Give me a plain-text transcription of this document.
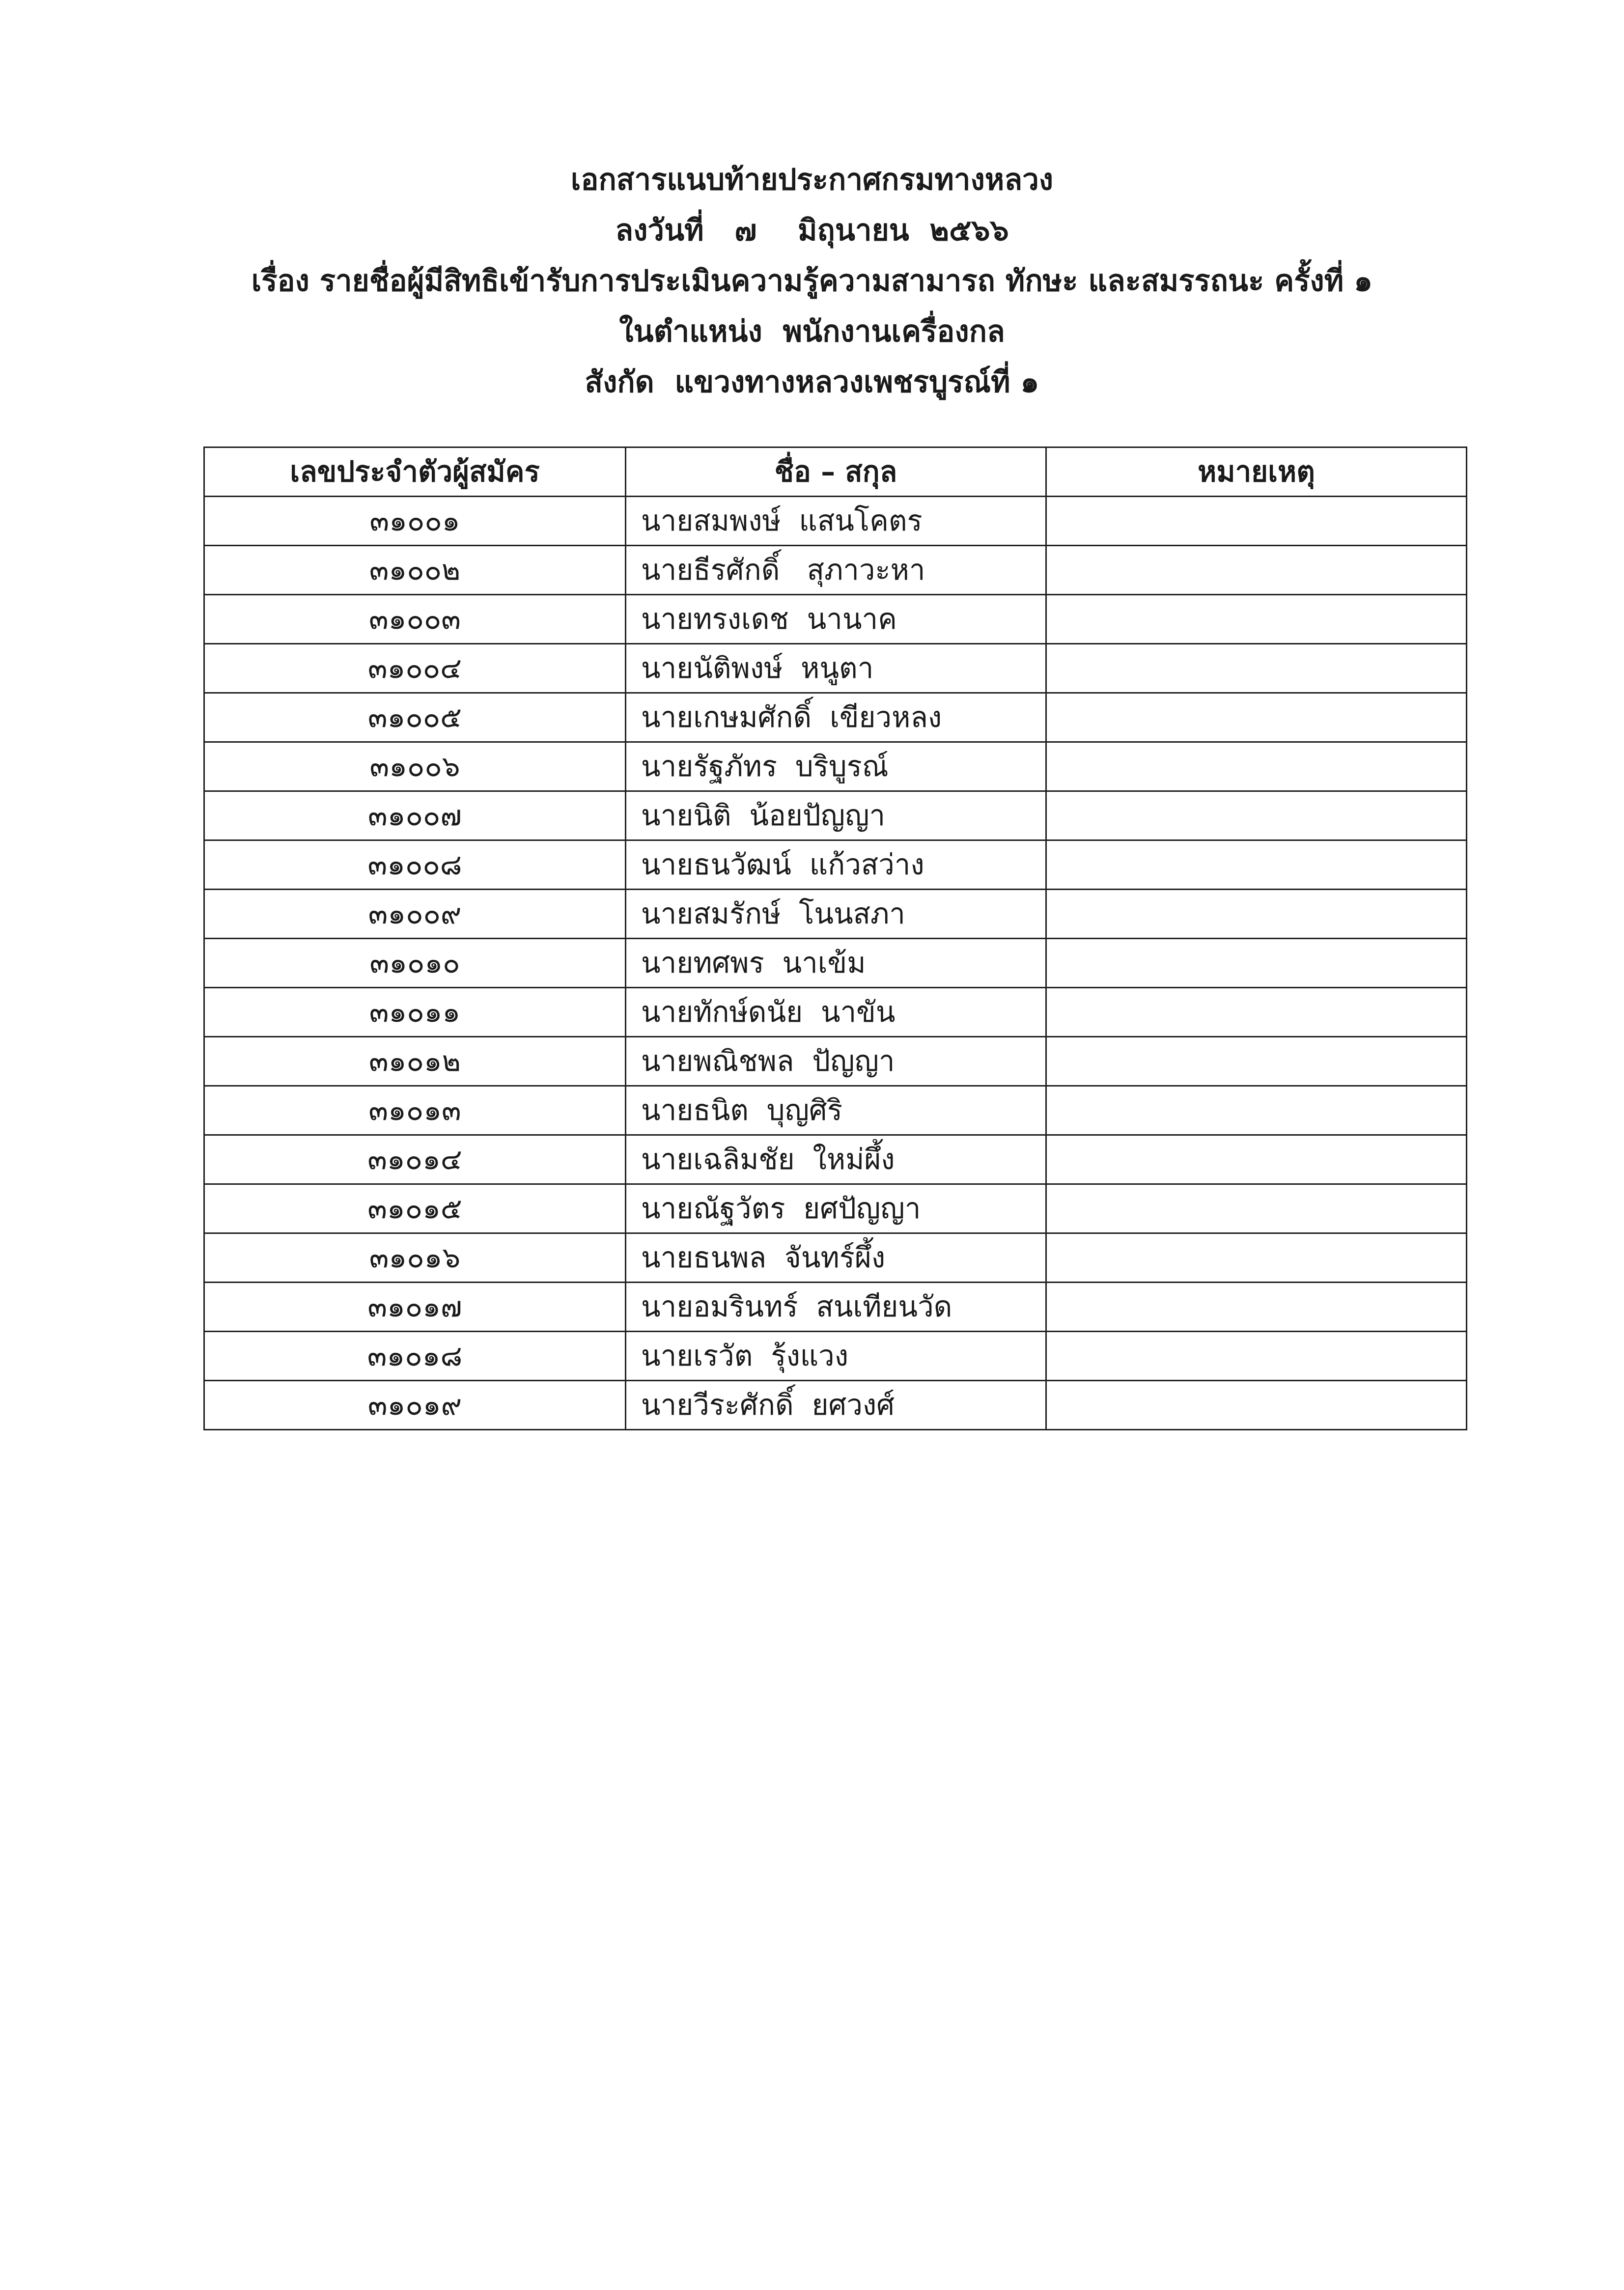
เอกสารแนบท้ายประกาศกรมทางหลวง
ลงวันที่   ๗    มิถุนายน  ๒๕๖๖
เรื่อง รายชื่อผู้มีสิทธิเข้ารับการประเมินความรู้ความสามารถ ทักษะ และสมรรถนะ ครั้งที่ ๑
ในตำแหน่ง  พนักงานเครื่องกล
สังกัด  แขวงทางหลวงเพชรบูรณ์ที่ ๑
เลขประจำตัวผู้สมัคร	ชื่อ – สกุล	หมายเหตุ
๓๑๐๐๑	นายสมพงษ์  แสนโคตร	
๓๑๐๐๒	นายธีรศักดิ์   สุภาวะหา	
๓๑๐๐๓	นายทรงเดช  นานาค	
๓๑๐๐๔	นายนัติพงษ์  หนูตา	
๓๑๐๐๕	นายเกษมศักดิ์  เขียวหลง	
๓๑๐๐๖	นายรัฐภัทร  บริบูรณ์	
๓๑๐๐๗	นายนิติ  น้อยปัญญา	
๓๑๐๐๘	นายธนวัฒน์  แก้วสว่าง	
๓๑๐๐๙	นายสมรักษ์  โนนสภา	
๓๑๐๑๐	นายทศพร  นาเข้ม	
๓๑๐๑๑	นายทักษ์ดนัย  นาขัน	
๓๑๐๑๒	นายพณิชพล  ปัญญา	
๓๑๐๑๓	นายธนิต  บุญศิริ	
๓๑๐๑๔	นายเฉลิมชัย  ใหม่ผึ้ง	
๓๑๐๑๕	นายณัฐวัตร  ยศปัญญา	
๓๑๐๑๖	นายธนพล  จันทร์ผึ้ง	
๓๑๐๑๗	นายอมรินทร์  สนเทียนวัด	
๓๑๐๑๘	นายเรวัต  รุ้งแวง	
๓๑๐๑๙	นายวีระศักดิ์  ยศวงศ์	
